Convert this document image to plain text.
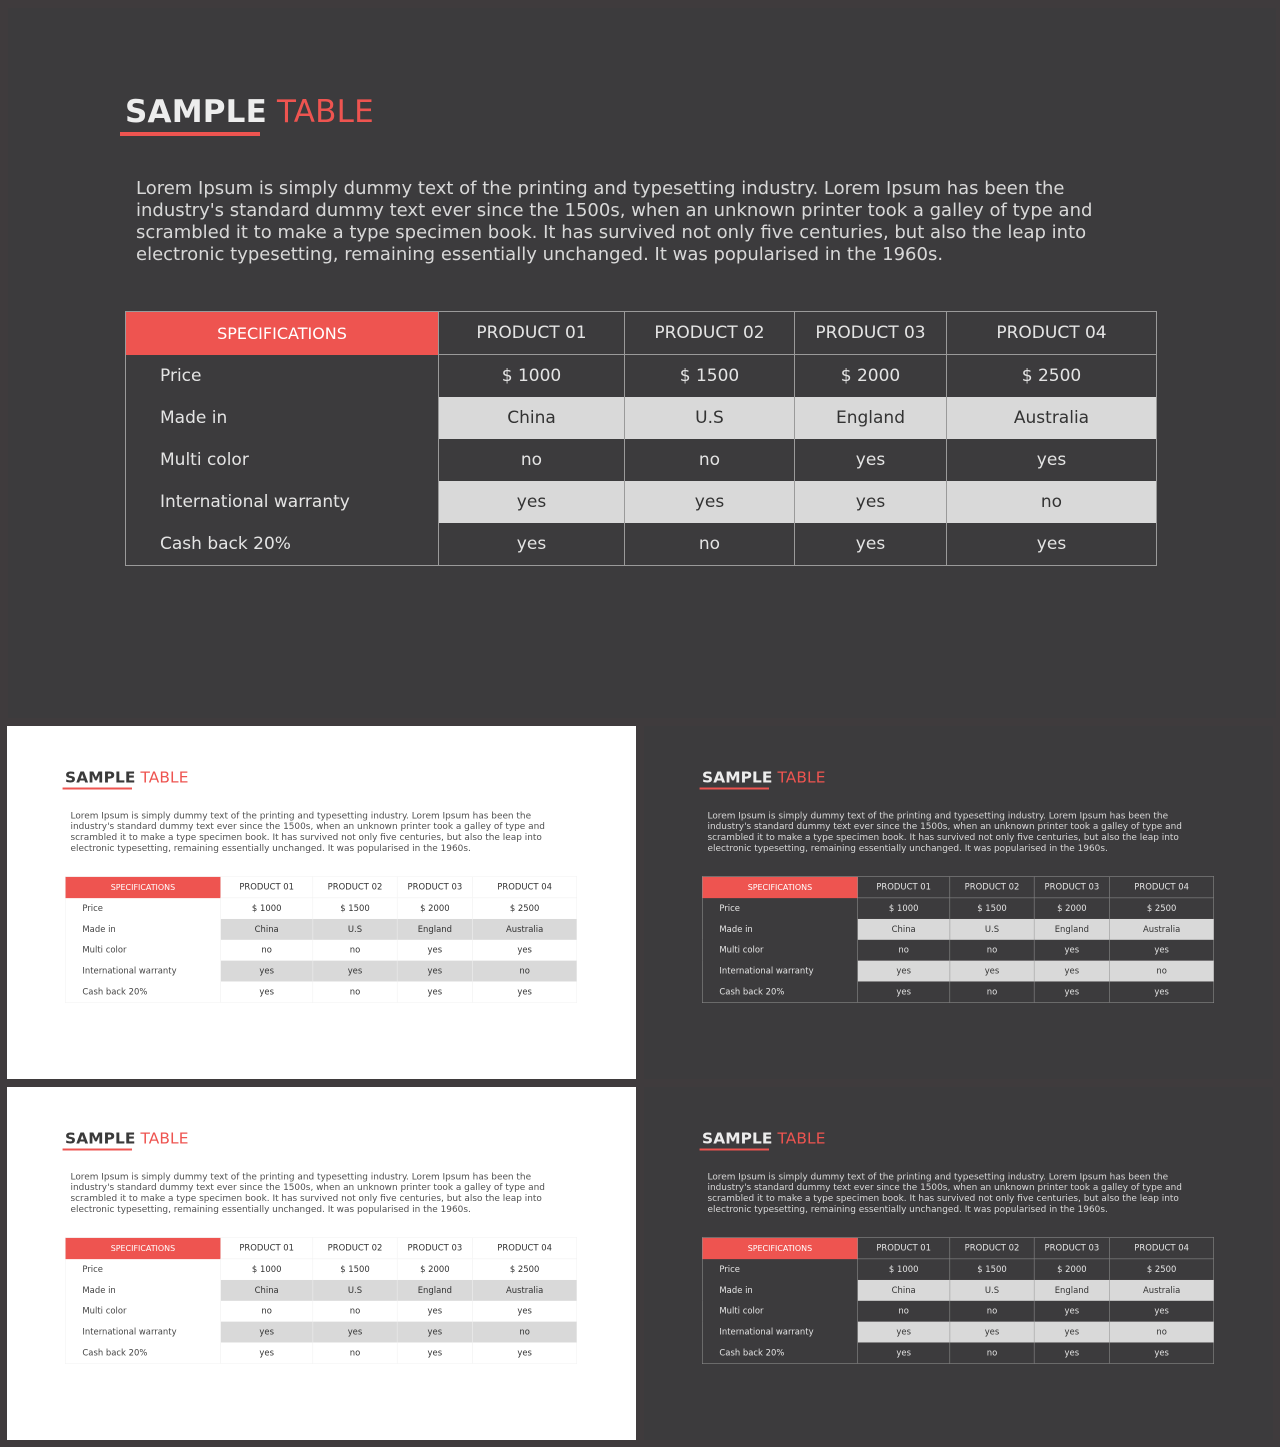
SAMPLE TABLE
Lorem Ipsum is simply dummy text of the printing and typesetting industry. Lorem Ipsum has been the industry's standard dummy text ever since the 1500s, when an unknown printer took a galley of type and scrambled it to make a type specimen book. It has survived not only five centuries, but also the leap into electronic typesetting, remaining essentially unchanged. It was popularised in the 1960s.
SPECIFICATIONS	PRODUCT 01	PRODUCT 02	PRODUCT 03	PRODUCT 04
Price	$ 1000	$ 1500	$ 2000	$ 2500
Made in	China	U.S	England	Australia
Multi color	no	no	yes	yes
International warranty	yes	yes	yes	no
Cash back 20%	yes	no	yes	yes
SAMPLE TABLE
Lorem Ipsum is simply dummy text of the printing and typesetting industry. Lorem Ipsum has been the industry's standard dummy text ever since the 1500s, when an unknown printer took a galley of type and scrambled it to make a type specimen book. It has survived not only five centuries, but also the leap into electronic typesetting, remaining essentially unchanged. It was popularised in the 1960s.
SPECIFICATIONS	PRODUCT 01	PRODUCT 02	PRODUCT 03	PRODUCT 04
Price	$ 1000	$ 1500	$ 2000	$ 2500
Made in	China	U.S	England	Australia
Multi color	no	no	yes	yes
International warranty	yes	yes	yes	no
Cash back 20%	yes	no	yes	yes
SAMPLE TABLE
Lorem Ipsum is simply dummy text of the printing and typesetting industry. Lorem Ipsum has been the industry's standard dummy text ever since the 1500s, when an unknown printer took a galley of type and scrambled it to make a type specimen book. It has survived not only five centuries, but also the leap into electronic typesetting, remaining essentially unchanged. It was popularised in the 1960s.
SPECIFICATIONS	PRODUCT 01	PRODUCT 02	PRODUCT 03	PRODUCT 04
Price	$ 1000	$ 1500	$ 2000	$ 2500
Made in	China	U.S	England	Australia
Multi color	no	no	yes	yes
International warranty	yes	yes	yes	no
Cash back 20%	yes	no	yes	yes
SAMPLE TABLE
Lorem Ipsum is simply dummy text of the printing and typesetting industry. Lorem Ipsum has been the industry's standard dummy text ever since the 1500s, when an unknown printer took a galley of type and scrambled it to make a type specimen book. It has survived not only five centuries, but also the leap into electronic typesetting, remaining essentially unchanged. It was popularised in the 1960s.
SPECIFICATIONS	PRODUCT 01	PRODUCT 02	PRODUCT 03	PRODUCT 04
Price	$ 1000	$ 1500	$ 2000	$ 2500
Made in	China	U.S	England	Australia
Multi color	no	no	yes	yes
International warranty	yes	yes	yes	no
Cash back 20%	yes	no	yes	yes
SAMPLE TABLE
Lorem Ipsum is simply dummy text of the printing and typesetting industry. Lorem Ipsum has been the industry's standard dummy text ever since the 1500s, when an unknown printer took a galley of type and scrambled it to make a type specimen book. It has survived not only five centuries, but also the leap into electronic typesetting, remaining essentially unchanged. It was popularised in the 1960s.
SPECIFICATIONS	PRODUCT 01	PRODUCT 02	PRODUCT 03	PRODUCT 04
Price	$ 1000	$ 1500	$ 2000	$ 2500
Made in	China	U.S	England	Australia
Multi color	no	no	yes	yes
International warranty	yes	yes	yes	no
Cash back 20%	yes	no	yes	yes
